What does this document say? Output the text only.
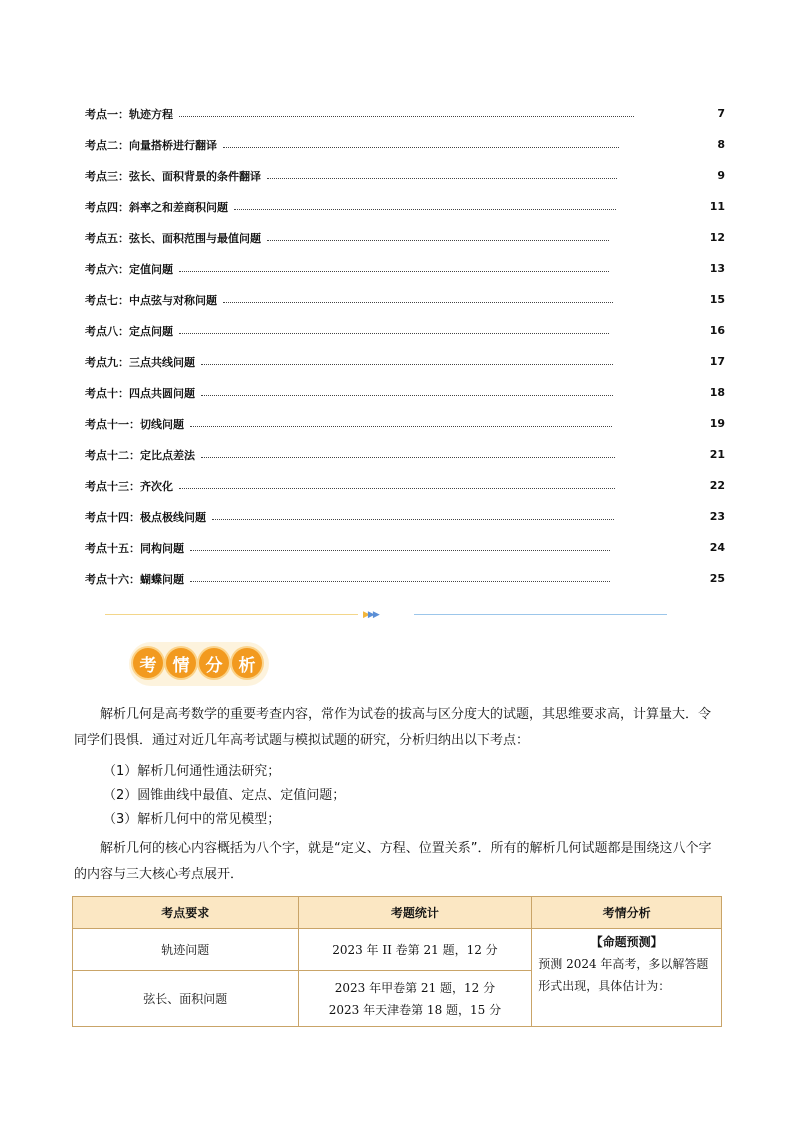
考点一：轨迹方程	7
考点二：向量搭桥进行翻译	8
考点三：弦长、面积背景的条件翻译	9
考点四：斜率之和差商积问题	11
考点五：弦长、面积范围与最值问题	12
考点六：定值问题	13
考点七：中点弦与对称问题	15
考点八：定点问题	16
考点九：三点共线问题	17
考点十：四点共圆问题	18
考点十一：切线问题	19
考点十二：定比点差法	21
考点十三：齐次化	22
考点十四：极点极线问题	23
考点十五：同构问题	24
考点十六：蝴蝶问题	25
▶▶▶
考 情 分 析
解析几何是高考数学的重要考查内容，常作为试卷的拔高与区分度大的试题，其思维要求高，计算量大．令同学们畏惧．通过对近几年高考试题与模拟试题的研究，分析归纳出以下考点：
（1）解析几何通性通法研究；
（2）圆锥曲线中最值、定点、定值问题；
（3）解析几何中的常见模型；
解析几何的核心内容概括为八个字，就是“定义、方程、位置关系”．所有的解析几何试题都是围绕这八个字的内容与三大核心考点展开．
考点要求	考题统计	考情分析
轨迹问题	2023 年 II 卷第 21 题，12 分	【命题预测】
预测 2024 年高考，多以解答题形式出现，具体估计为：
弦长、面积问题	2023 年甲卷第 21 题，12 分
2023 年天津卷第 18 题，15 分	
